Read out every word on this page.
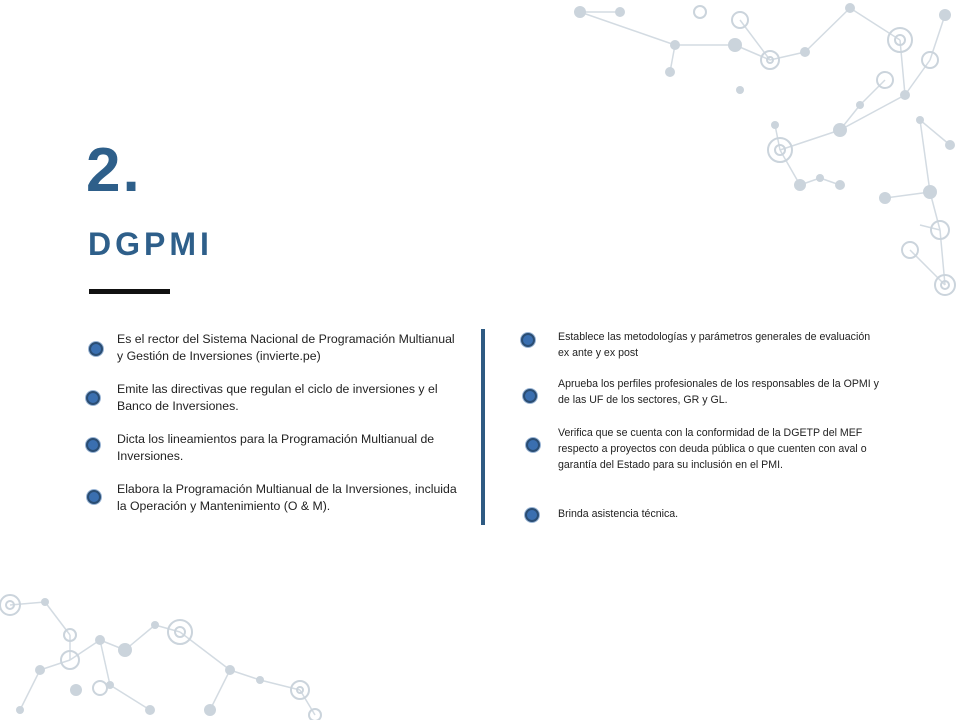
2.
DGPMI

Es el rector del Sistema Nacional de Programación Multianual y Gestión de Inversiones (invierte.pe)

Emite las directivas que regulan el ciclo de inversiones y el Banco de Inversiones.

Dicta los lineamientos para la Programación Multianual de Inversiones.

Elabora la Programación Multianual de la Inversiones, incluida la Operación y Mantenimiento (O & M).

Establece las metodologías y parámetros generales de evaluación ex ante y ex post

Aprueba los perfiles profesionales de los responsables de la OPMI y de las UF de los sectores, GR y GL.

Verifica que se cuenta con la conformidad de la DGETP del MEF respecto a proyectos con deuda pública o que cuenten con aval o garantía del Estado para su inclusión en el PMI.

Brinda asistencia técnica.
